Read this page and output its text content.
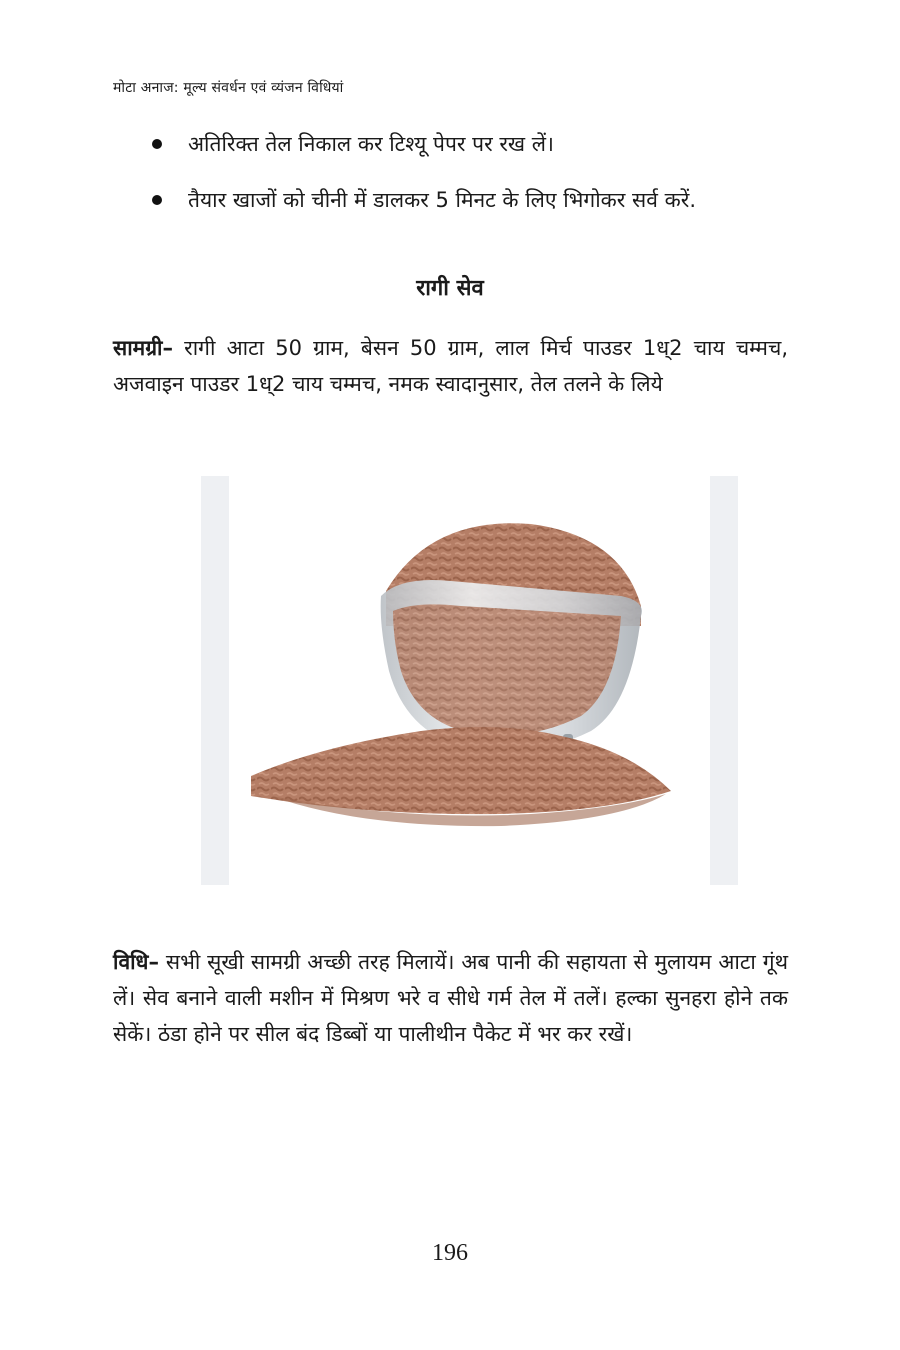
मोटा अनाज: मूल्य संवर्धन एवं व्यंजन विधियां
अतिरिक्त तेल निकाल कर टिश्यू पेपर पर रख लें।
तैयार खाजों को चीनी में डालकर 5 मिनट के लिए भिगोकर सर्व करें.
रागी सेव
सामग्री– रागी आटा 50 ग्राम, बेसन 50 ग्राम, लाल मिर्च पाउडर 1ध्2 चाय चम्मच, अजवाइन पाउडर 1ध्2 चाय चम्मच, नमक स्वादानुसार, तेल तलने के लिये
विधि– सभी सूखी सामग्री अच्छी तरह मिलायें। अब पानी की सहायता से मुलायम आटा गूंथ लें। सेव बनाने वाली मशीन में मिश्रण भरे व सीधे गर्म तेल में तलें। हल्का सुनहरा होने तक सेकें। ठंडा होने पर सील बंद डिब्बों या पालीथीन पैकेट में भर कर रखें।
196
